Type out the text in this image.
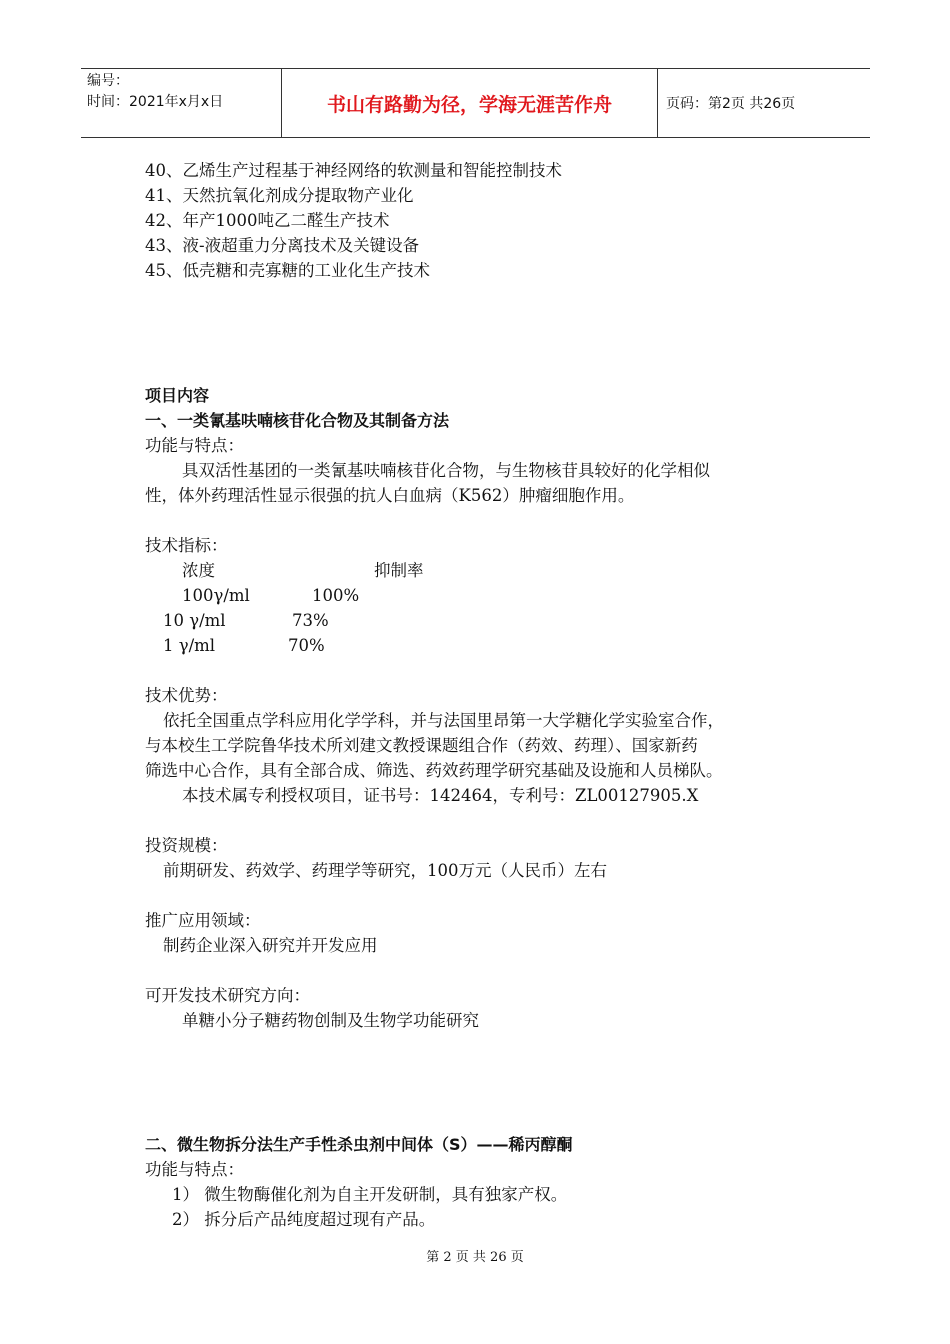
编号：
时间：2021年x月x日	书山有路勤为径，学海无涯苦作舟	页码：第2页 共26页
40、乙烯生产过程基于神经网络的软测量和智能控制技术
41、天然抗氧化剂成分提取物产业化
42、年产1000吨乙二醛生产技术
43、液-液超重力分离技术及关键设备
45、低壳糖和壳寡糖的工业化生产技术
项目内容
一、一类氰基呋喃核苷化合物及其制备方法
功能与特点：
具双活性基团的一类氰基呋喃核苷化合物，与生物核苷具较好的化学相似
性，体外药理活性显示很强的抗人白血病（K562）肿瘤细胞作用。
技术指标：
浓度	抑制率
100γ/ml	100%
10 γ/ml	73%
1 γ/ml	70%
技术优势：
依托全国重点学科应用化学学科，并与法国里昂第一大学糖化学实验室合作，
与本校生工学院鲁华技术所刘建文教授课题组合作（药效、药理）、国家新药
筛选中心合作，具有全部合成、筛选、药效药理学研究基础及设施和人员梯队。
本技术属专利授权项目，证书号：142464，专利号：ZL00127905.X
投资规模：
前期研发、药效学、药理学等研究，100万元（人民币）左右
推广应用领域：
制药企业深入研究并开发应用
可开发技术研究方向：
单糖小分子糖药物创制及生物学功能研究
二、微生物拆分法生产手性杀虫剂中间体（S）——稀丙醇酮
功能与特点：
1） 微生物酶催化剂为自主开发研制，具有独家产权。
2） 拆分后产品纯度超过现有产品。
第 2 页 共 26 页
